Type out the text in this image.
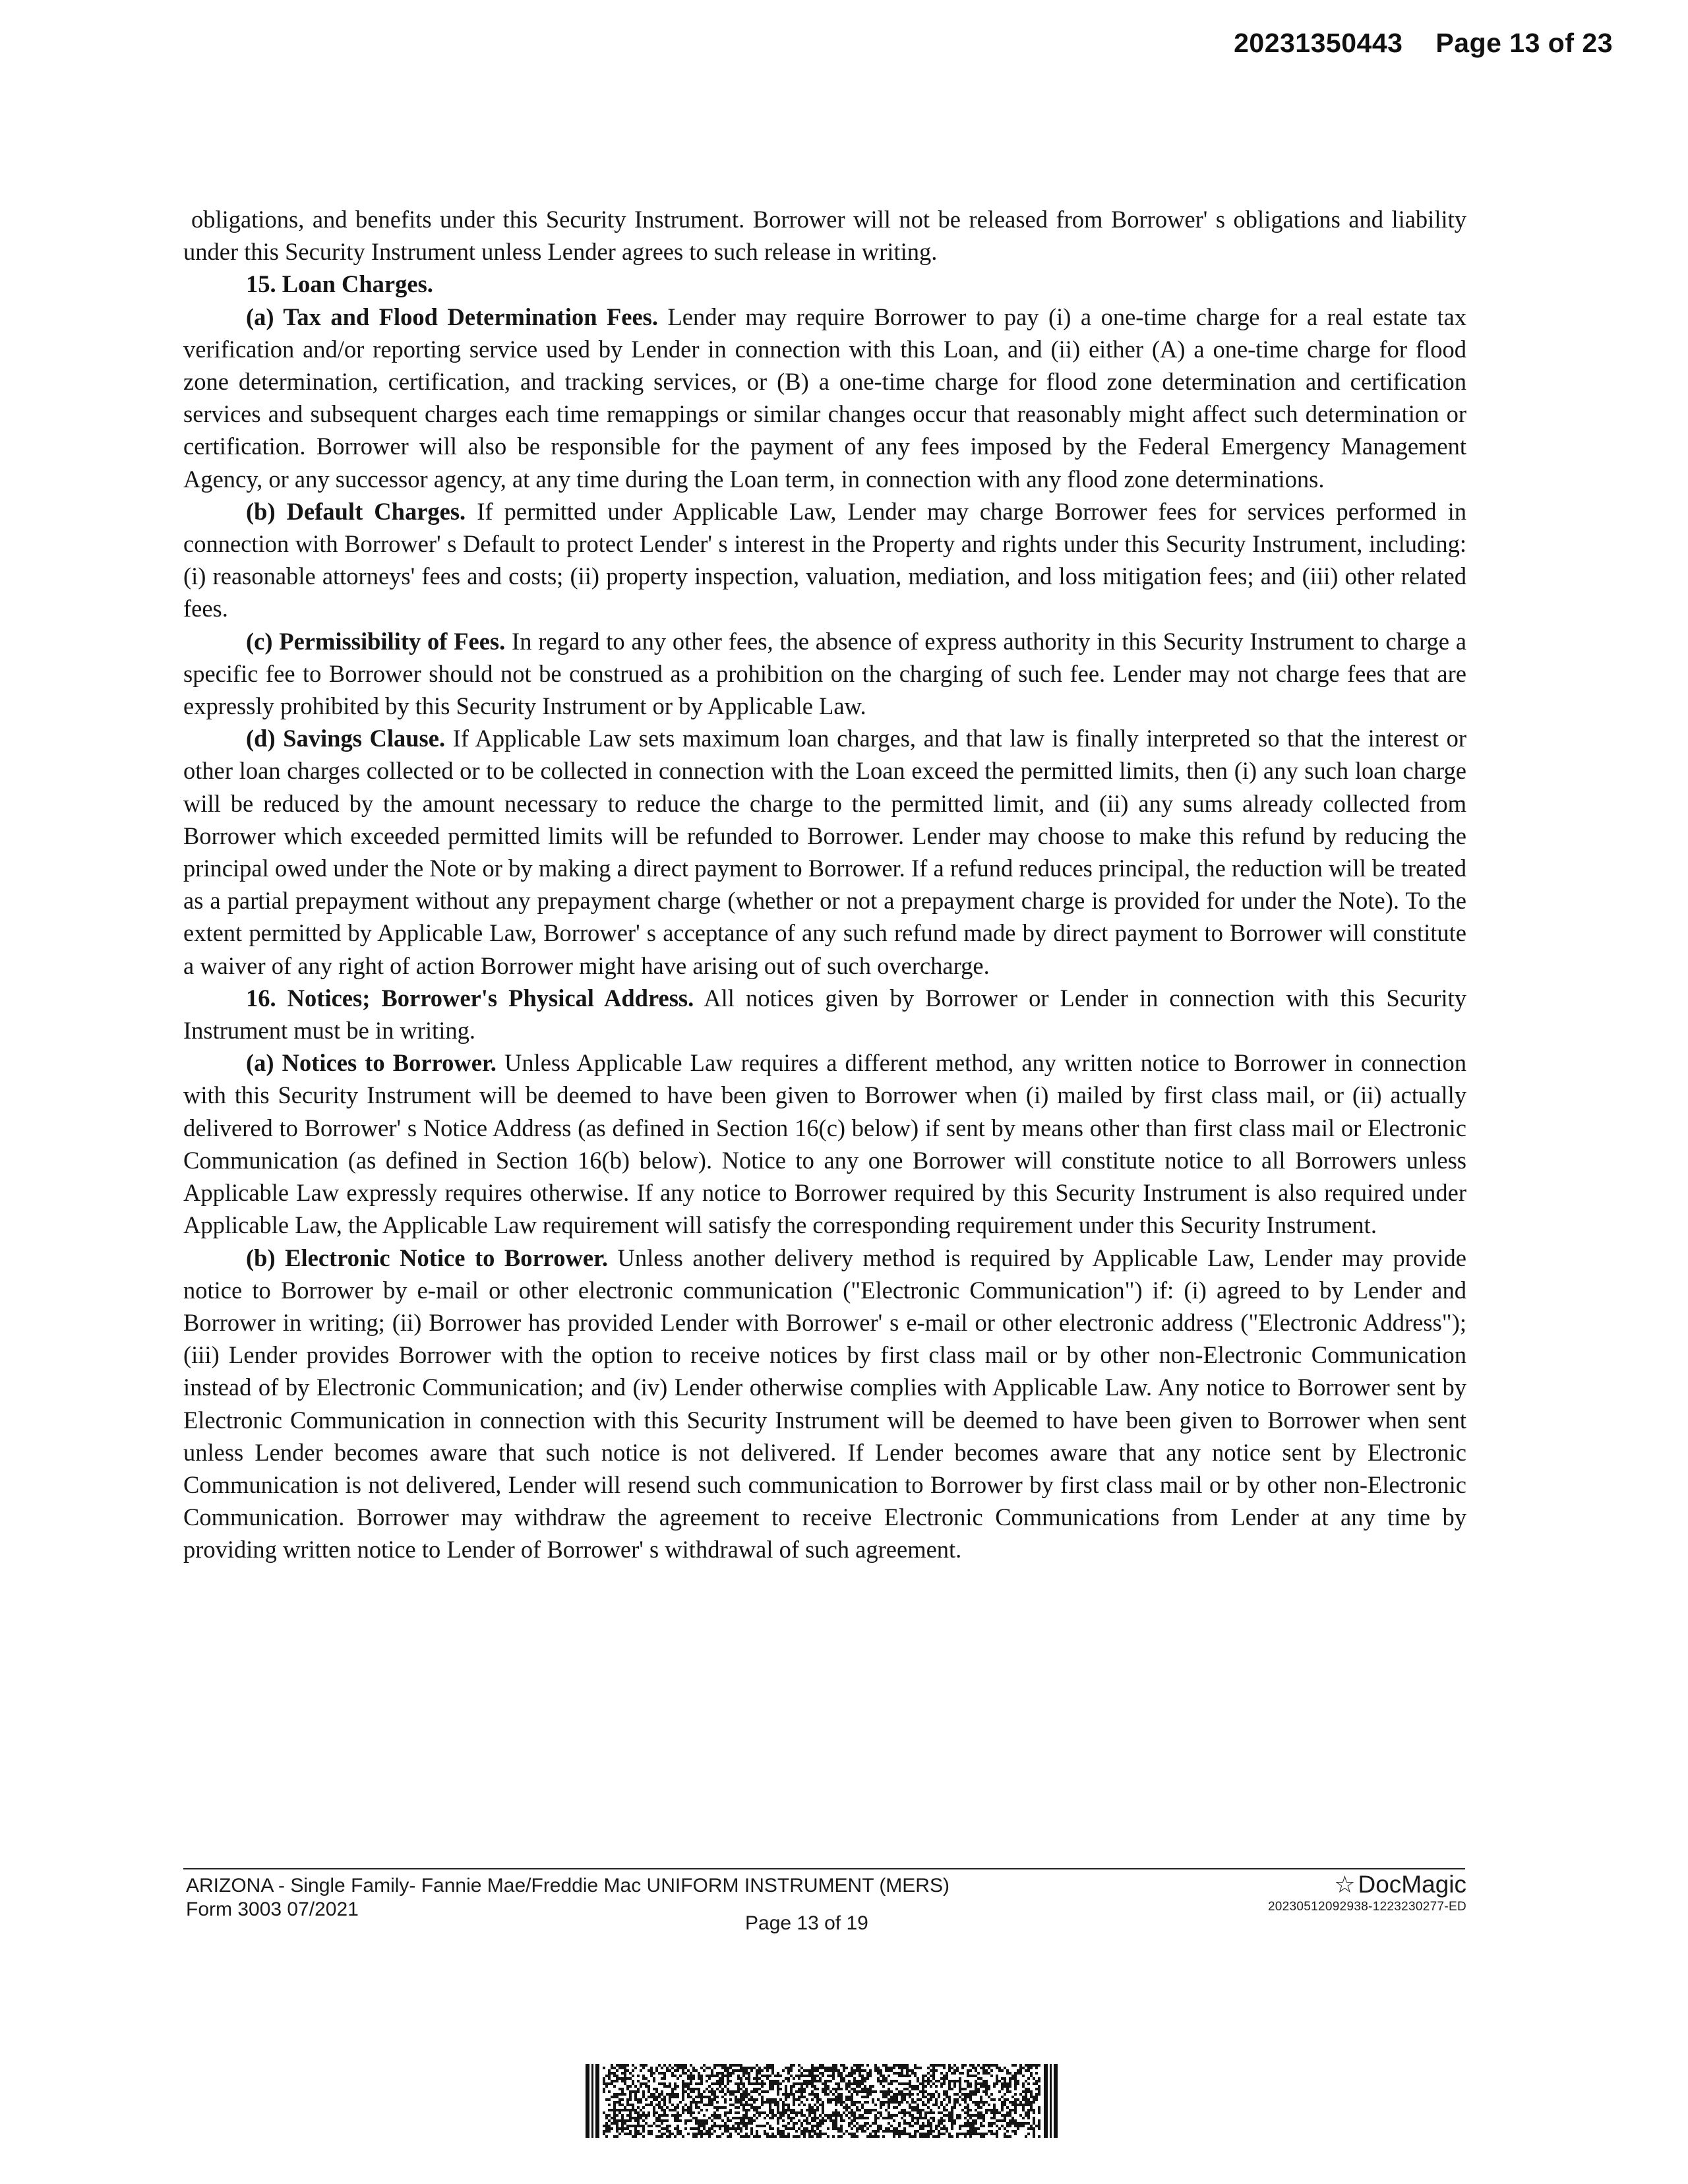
20231350443 Page 13 of 23

obligations, and benefits under this Security Instrument. Borrower will not be released from Borrower' s obligations and liability under this Security Instrument unless Lender agrees to such release in writing.

15. Loan Charges.

(a) Tax and Flood Determination Fees. Lender may require Borrower to pay (i) a one-time charge for a real estate tax verification and/or reporting service used by Lender in connection with this Loan, and (ii) either (A) a one-time charge for flood zone determination, certification, and tracking services, or (B) a one-time charge for flood zone determination and certification services and subsequent charges each time remappings or similar changes occur that reasonably might affect such determination or certification. Borrower will also be responsible for the payment of any fees imposed by the Federal Emergency Management Agency, or any successor agency, at any time during the Loan term, in connection with any flood zone determinations.

(b) Default Charges. If permitted under Applicable Law, Lender may charge Borrower fees for services performed in connection with Borrower' s Default to protect Lender' s interest in the Property and rights under this Security Instrument, including: (i) reasonable attorneys' fees and costs; (ii) property inspection, valuation, mediation, and loss mitigation fees; and (iii) other related fees.

(c) Permissibility of Fees. In regard to any other fees, the absence of express authority in this Security Instrument to charge a specific fee to Borrower should not be construed as a prohibition on the charging of such fee. Lender may not charge fees that are expressly prohibited by this Security Instrument or by Applicable Law.

(d) Savings Clause. If Applicable Law sets maximum loan charges, and that law is finally interpreted so that the interest or other loan charges collected or to be collected in connection with the Loan exceed the permitted limits, then (i) any such loan charge will be reduced by the amount necessary to reduce the charge to the permitted limit, and (ii) any sums already collected from Borrower which exceeded permitted limits will be refunded to Borrower. Lender may choose to make this refund by reducing the principal owed under the Note or by making a direct payment to Borrower. If a refund reduces principal, the reduction will be treated as a partial prepayment without any prepayment charge (whether or not a prepayment charge is provided for under the Note). To the extent permitted by Applicable Law, Borrower' s acceptance of any such refund made by direct payment to Borrower will constitute a waiver of any right of action Borrower might have arising out of such overcharge.

16. Notices; Borrower's Physical Address. All notices given by Borrower or Lender in connection with this Security Instrument must be in writing.

(a) Notices to Borrower. Unless Applicable Law requires a different method, any written notice to Borrower in connection with this Security Instrument will be deemed to have been given to Borrower when (i) mailed by first class mail, or (ii) actually delivered to Borrower' s Notice Address (as defined in Section 16(c) below) if sent by means other than first class mail or Electronic Communication (as defined in Section 16(b) below). Notice to any one Borrower will constitute notice to all Borrowers unless Applicable Law expressly requires otherwise. If any notice to Borrower required by this Security Instrument is also required under Applicable Law, the Applicable Law requirement will satisfy the corresponding requirement under this Security Instrument.

(b) Electronic Notice to Borrower. Unless another delivery method is required by Applicable Law, Lender may provide notice to Borrower by e-mail or other electronic communication ("Electronic Communication") if: (i) agreed to by Lender and Borrower in writing; (ii) Borrower has provided Lender with Borrower' s e-mail or other electronic address ("Electronic Address"); (iii) Lender provides Borrower with the option to receive notices by first class mail or by other non-Electronic Communication instead of by Electronic Communication; and (iv) Lender otherwise complies with Applicable Law. Any notice to Borrower sent by Electronic Communication in connection with this Security Instrument will be deemed to have been given to Borrower when sent unless Lender becomes aware that such notice is not delivered. If Lender becomes aware that any notice sent by Electronic Communication is not delivered, Lender will resend such communication to Borrower by first class mail or by other non-Electronic Communication. Borrower may withdraw the agreement to receive Electronic Communications from Lender at any time by providing written notice to Lender of Borrower' s withdrawal of such agreement.

ARIZONA - Single Family- Fannie Mae/Freddie Mac UNIFORM INSTRUMENT (MERS)
Form 3003 07/2021
Page 13 of 19
☆ DocMagic
20230512092938-1223230277-ED
